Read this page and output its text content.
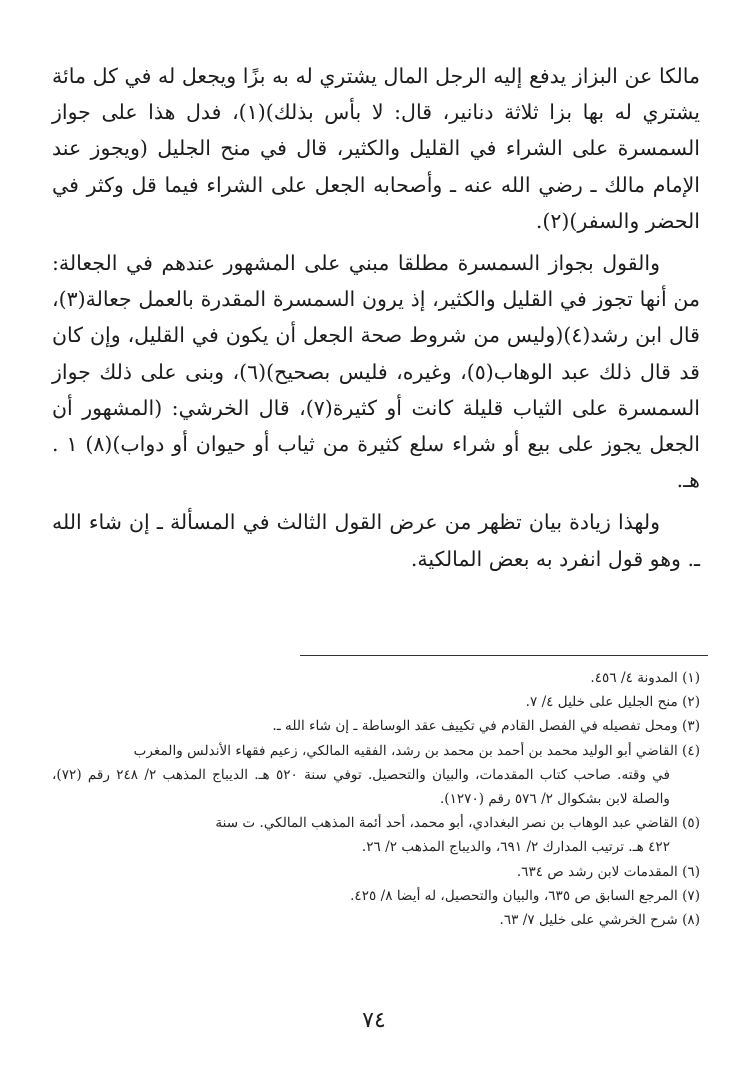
مالكا عن البزاز يدفع إليه الرجل المال يشتري له به بزًا ويجعل له في كل مائة يشتري له بها بزا ثلاثة دنانير، قال: لا بأس بذلك)(١)، فدل هذا على جواز السمسرة على الشراء في القليل والكثير، قال في منح الجليل (ويجوز عند الإمام مالك ـ رضي الله عنه ـ وأصحابه الجعل على الشراء فيما قل وكثر في الحضر والسفر)(٢).

والقول بجواز السمسرة مطلقا مبني على المشهور عندهم في الجعالة: من أنها تجوز في القليل والكثير، إذ يرون السمسرة المقدرة بالعمل جعالة(٣)، قال ابن رشد(٤)(وليس من شروط صحة الجعل أن يكون في القليل، وإن كان قد قال ذلك عبد الوهاب(٥)، وغيره، فليس بصحيح)(٦)، وبنى على ذلك جواز السمسرة على الثياب قليلة كانت أو كثيرة(٧)، قال الخرشي: (المشهور أن الجعل يجوز على بيع أو شراء سلع كثيرة من ثياب أو حيوان أو دواب)(٨) ١ . هـ.

ولهذا زيادة بيان تظهر من عرض القول الثالث في المسألة ـ إن شاء الله ـ. وهو قول انفرد به بعض المالكية.

(١) المدونة ٤/ ٤٥٦.

(٢) منح الجليل على خليل ٤/ ٧.

(٣) ومحل تفصيله في الفصل القادم في تكييف عقد الوساطة ـ إن شاء الله ـ.

(٤) القاضي أبو الوليد محمد بن أحمد بن محمد بن رشد، الفقيه المالكي، زعيم فقهاء الأندلس والمغرب
في وقته. صاحب كتاب المقدمات، والبيان والتحصيل. توفي سنة ٥٢٠ هـ. الديباج المذهب ٢/ ٢٤٨ رقم (٧٢)، والصلة لابن بشكوال ٢/ ٥٧٦ رقم (١٢٧٠).

(٥) القاضي عبد الوهاب بن نصر البغدادي، أبو محمد، أحد أئمة المذهب المالكي. ت سنة
٤٢٢ هـ. ترتيب المدارك ٢/ ٦٩١، والديباج المذهب ٢/ ٢٦.

(٦) المقدمات لابن رشد ص ٦٣٤.

(٧) المرجع السابق ص ٦٣٥، والبيان والتحصيل، له أيضا ٨/ ٤٢٥.

(٨) شرح الخرشي على خليل ٧/ ٦٣.

٧٤
